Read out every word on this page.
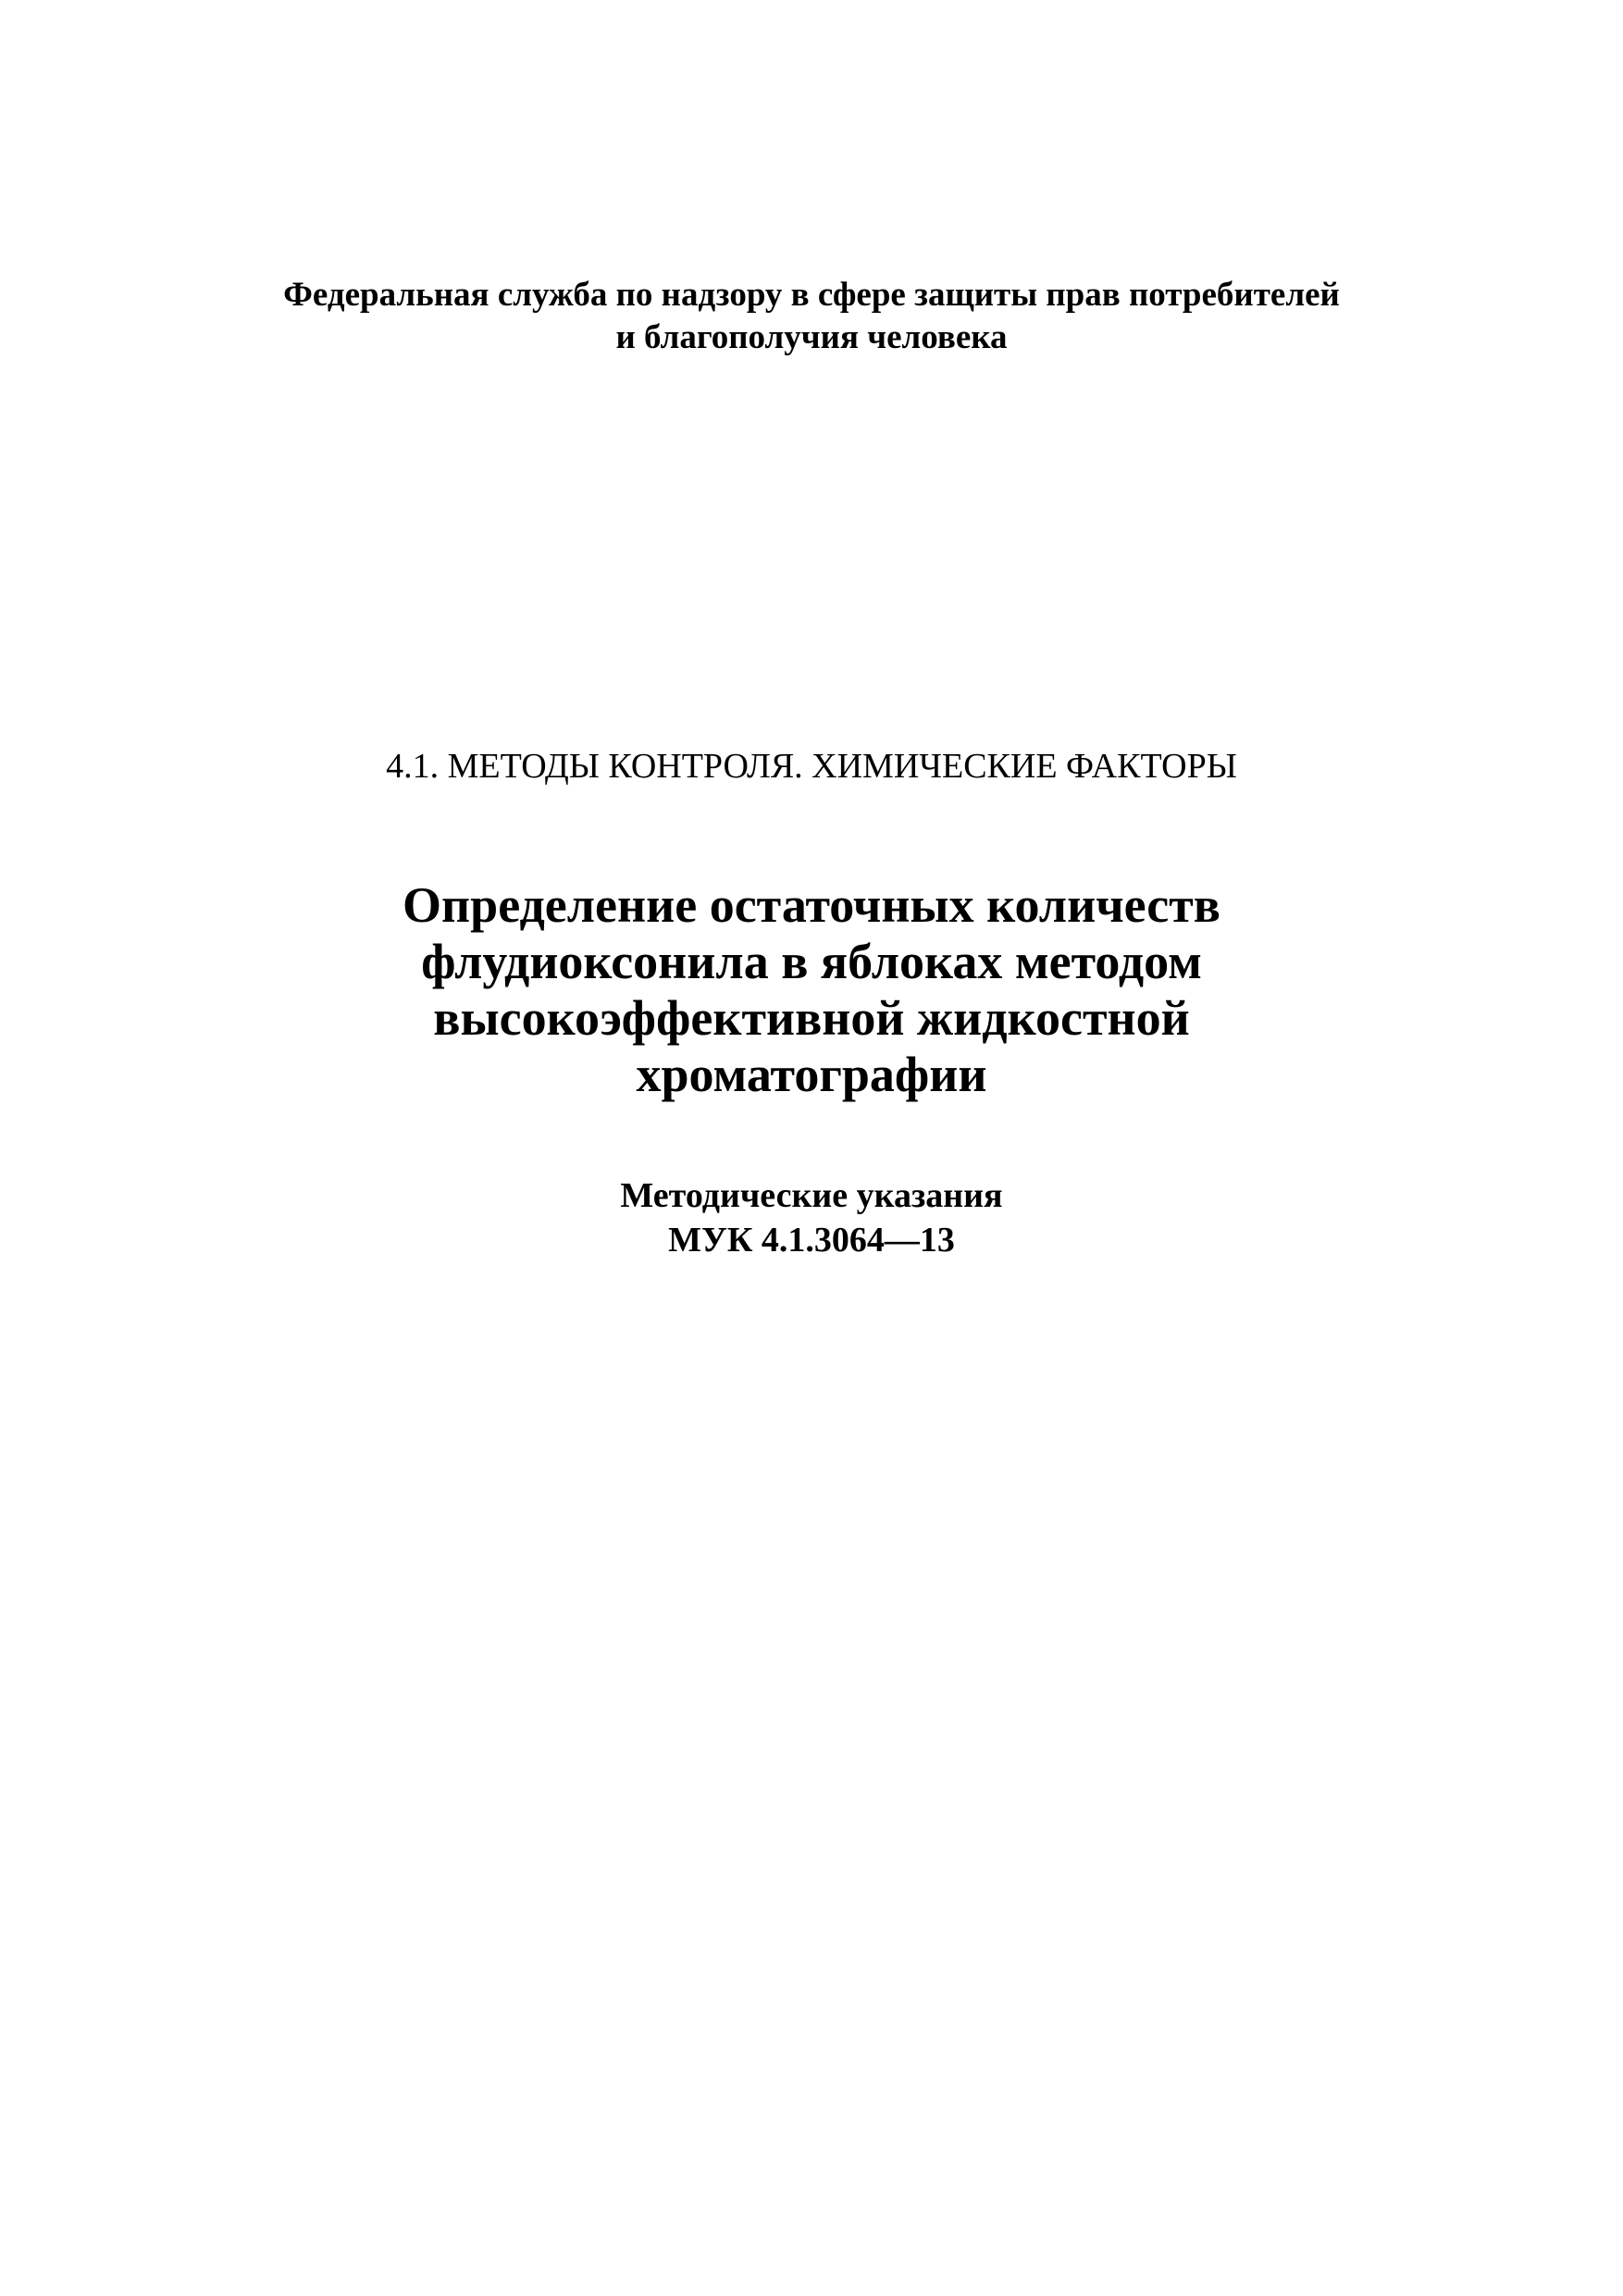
Федеральная служба по надзору в сфере защиты прав потребителей
и благополучия человека
4.1. МЕТОДЫ КОНТРОЛЯ. ХИМИЧЕСКИЕ ФАКТОРЫ
Определение остаточных количеств
флудиоксонила в яблоках методом
высокоэффективной жидкостной
хроматографии
Методические указания
МУК 4.1.3064—13
